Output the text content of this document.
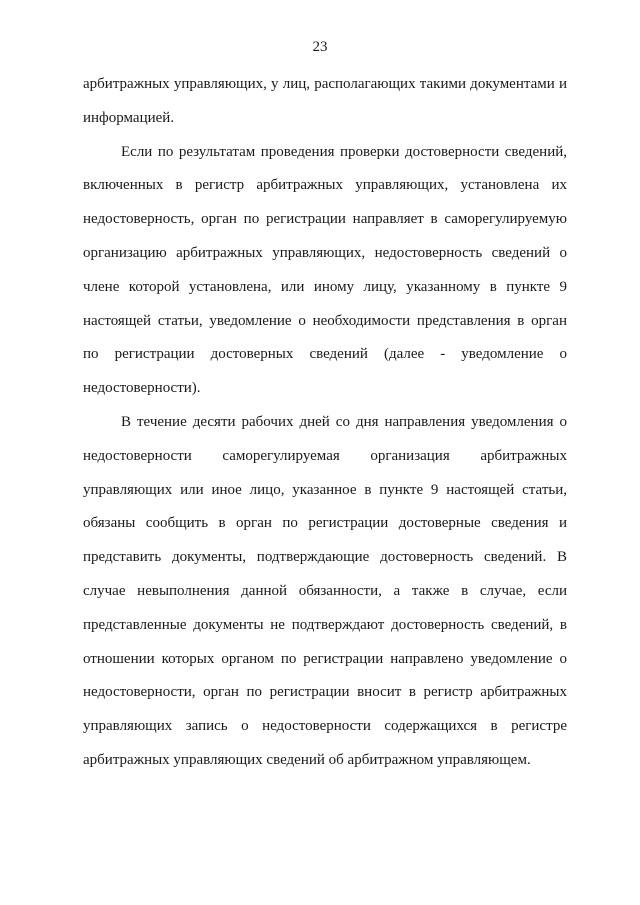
23
арбитражных управляющих, у лиц, располагающих такими документами и
информацией.
Если по результатам проведения проверки достоверности сведений,
включенных в регистр арбитражных управляющих, установлена их
недостоверность, орган по регистрации направляет в саморегулируемую
организацию арбитражных управляющих, недостоверность сведений о
члене которой установлена, или иному лицу, указанному в пункте 9
настоящей статьи, уведомление о необходимости представления в орган
по регистрации достоверных сведений (далее - уведомление о
недостоверности).
В течение десяти рабочих дней со дня направления уведомления о
недостоверности саморегулируемая организация арбитражных
управляющих или иное лицо, указанное в пункте 9 настоящей статьи,
обязаны сообщить в орган по регистрации достоверные сведения и
представить документы, подтверждающие достоверность сведений. В
случае невыполнения данной обязанности, а также в случае, если
представленные документы не подтверждают достоверность сведений, в
отношении которых органом по регистрации направлено уведомление о
недостоверности, орган по регистрации вносит в регистр арбитражных
управляющих запись о недостоверности содержащихся в регистре
арбитражных управляющих сведений об арбитражном управляющем.
